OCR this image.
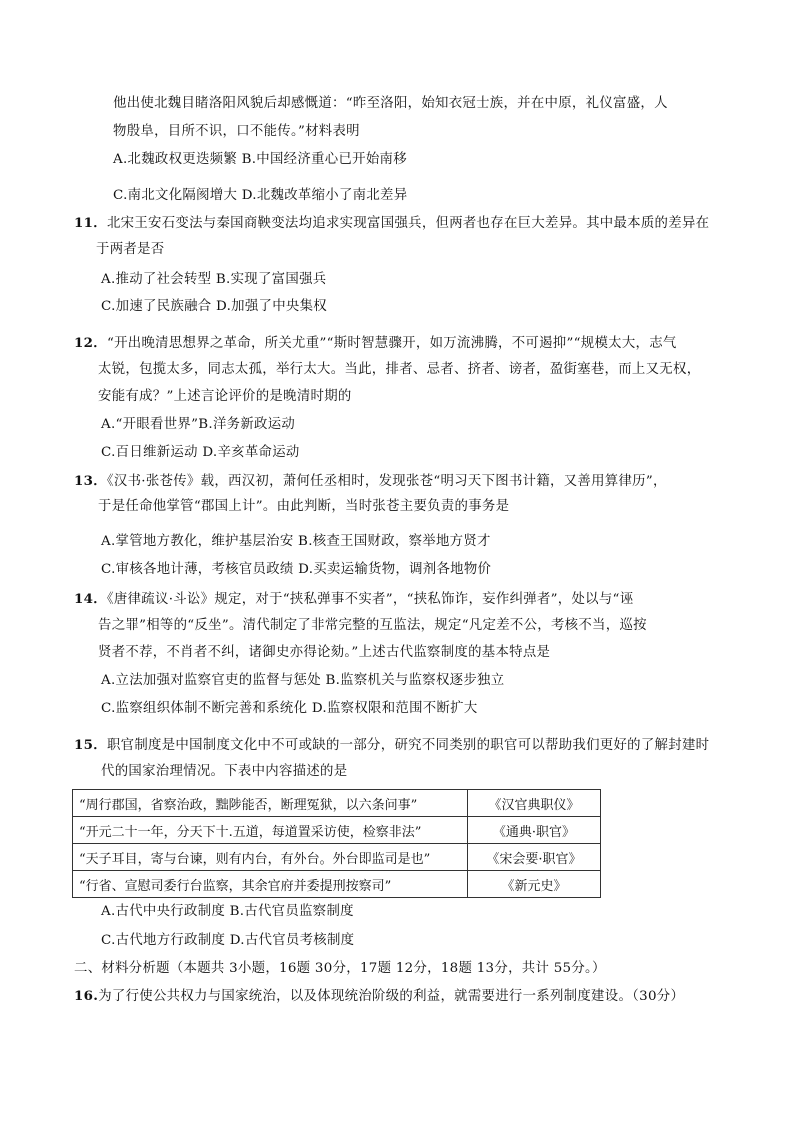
他出使北魏目睹洛阳风貌后却感慨道：“昨至洛阳，始知衣冠士族，并在中原，礼仪富盛，人
物殷阜，目所不识，口不能传。”材料表明
A.北魏政权更迭频繁 B.中国经济重心已开始南移
C.南北文化隔阂增大 D.北魏改革缩小了南北差异
11．北宋王安石变法与秦国商鞅变法均追求实现富国强兵，但两者也存在巨大差异。其中最本质的差异在
于两者是否
A.推动了社会转型 B.实现了富国强兵
C.加速了民族融合 D.加强了中央集权
12．“开出晚清思想界之革命，所关尤重”“斯时智慧骤开，如万流沸腾，不可遏抑”“规模太大，志气
太锐，包揽太多，同志太孤，举行太大。当此，排者、忌者、挤者、谤者，盈街塞巷，而上又无权，
安能有成？”上述言论评价的是晚清时期的
A.“开眼看世界”B.洋务新政运动
C.百日维新运动 D.辛亥革命运动
13．《汉书·张苍传》载，西汉初，萧何任丞相时，发现张苍“明习天下图书计籍，又善用算律历”，
于是任命他掌管“郡国上计”。由此判断，当时张苍主要负责的事务是
A.掌管地方教化，维护基层治安 B.核查王国财政，察举地方贤才
C.审核各地计薄，考核官员政绩 D.买卖运输货物，调剂各地物价
14．《唐律疏议·斗讼》规定，对于“挟私弹事不实者”，“挟私饰诈，妄作纠弹者”，处以与“诬
告之罪”相等的“反坐”。清代制定了非常完整的互监法，规定“凡定差不公，考核不当，巡按
贤者不荐，不肖者不纠，诸御史亦得论劾。”上述古代监察制度的基本特点是
A.立法加强对监察官吏的监督与惩处 B.监察机关与监察权逐步独立
C.监察组织体制不断完善和系统化 D.监察权限和范围不断扩大
15．职官制度是中国制度文化中不可或缺的一部分，研究不同类别的职官可以帮助我们更好的了解封建时
代的国家治理情况。下表中内容描述的是
“周行郡国，省察治政，黜陟能否，断理冤狱，以六条问事”	《汉官典职仪》
“开元二十一年，分天下十.五道，每道置采访使，检察非法”	《通典·职官》
“天子耳目，寄与台谏，则有内台，有外台。外台即监司是也”	《宋会要·职官》
“行省、宣慰司委行台监察，其余官府并委提刑按察司”	《新元史》
A.古代中央行政制度 B.古代官员监察制度
C.古代地方行政制度 D.古代官员考核制度
二、材料分析题（本题共 3小题，16题 30分，17题 12分，18题 13分，共计 55分。）
16.为了行使公共权力与国家统治，以及体现统治阶级的利益，就需要进行一系列制度建设。（30分）
